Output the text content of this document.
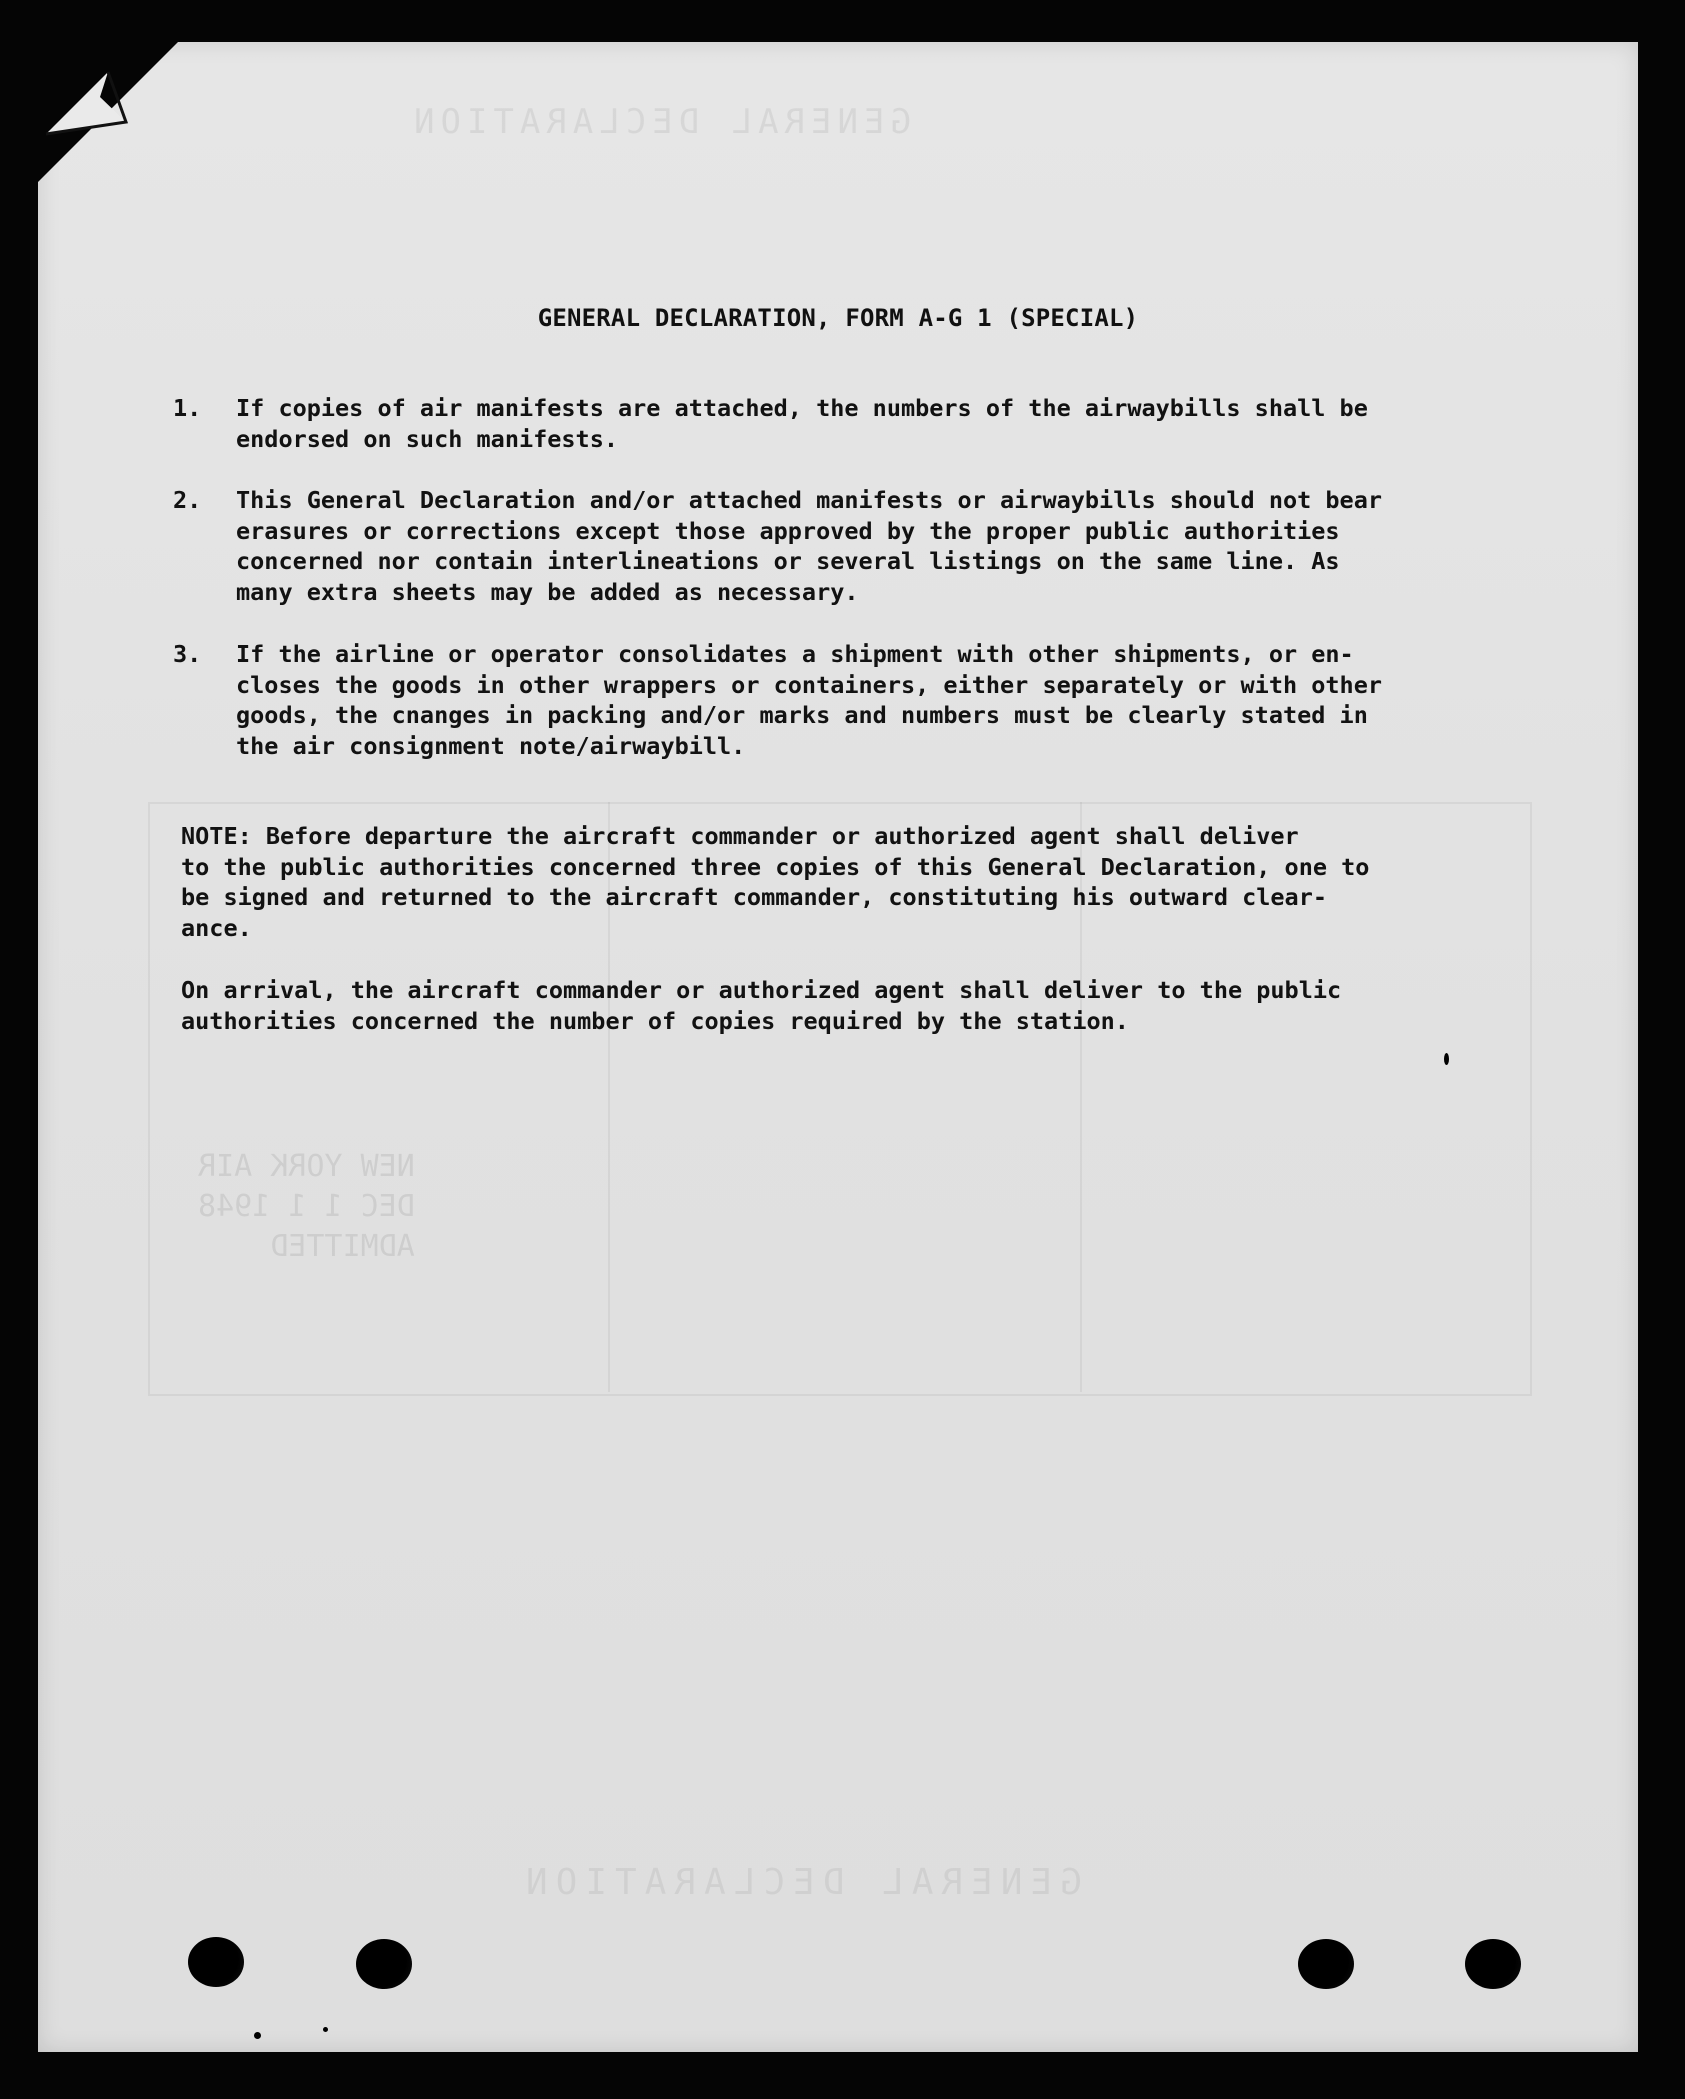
GENERAL DECLARATION
NEW YORK AIR
DEC 1 1 1948
ADMITTED
GENERAL DECLARATION
GENERAL DECLARATION, FORM A-G 1 (SPECIAL)
1.	If copies of air manifests are attached, the numbers of the airwaybills shall be
endorsed on such manifests.
2.	This General Declaration and/or attached manifests or airwaybills should not bear
erasures or corrections except those approved by the proper public authorities
concerned nor contain interlineations or several listings on the same line. As
many extra sheets may be added as necessary.
3.	If the airline or operator consolidates a shipment with other shipments, or en-
closes the goods in other wrappers or containers, either separately or with other
goods, the cnanges in packing and/or marks and numbers must be clearly stated in
the air consignment note/airwaybill.
NOTE: Before departure the aircraft commander or authorized agent shall deliver
to the public authorities concerned three copies of this General Declaration, one to
be signed and returned to the aircraft commander, constituting his outward clear-
ance.
On arrival, the aircraft commander or authorized agent shall deliver to the public
authorities concerned the number of copies required by the station.
